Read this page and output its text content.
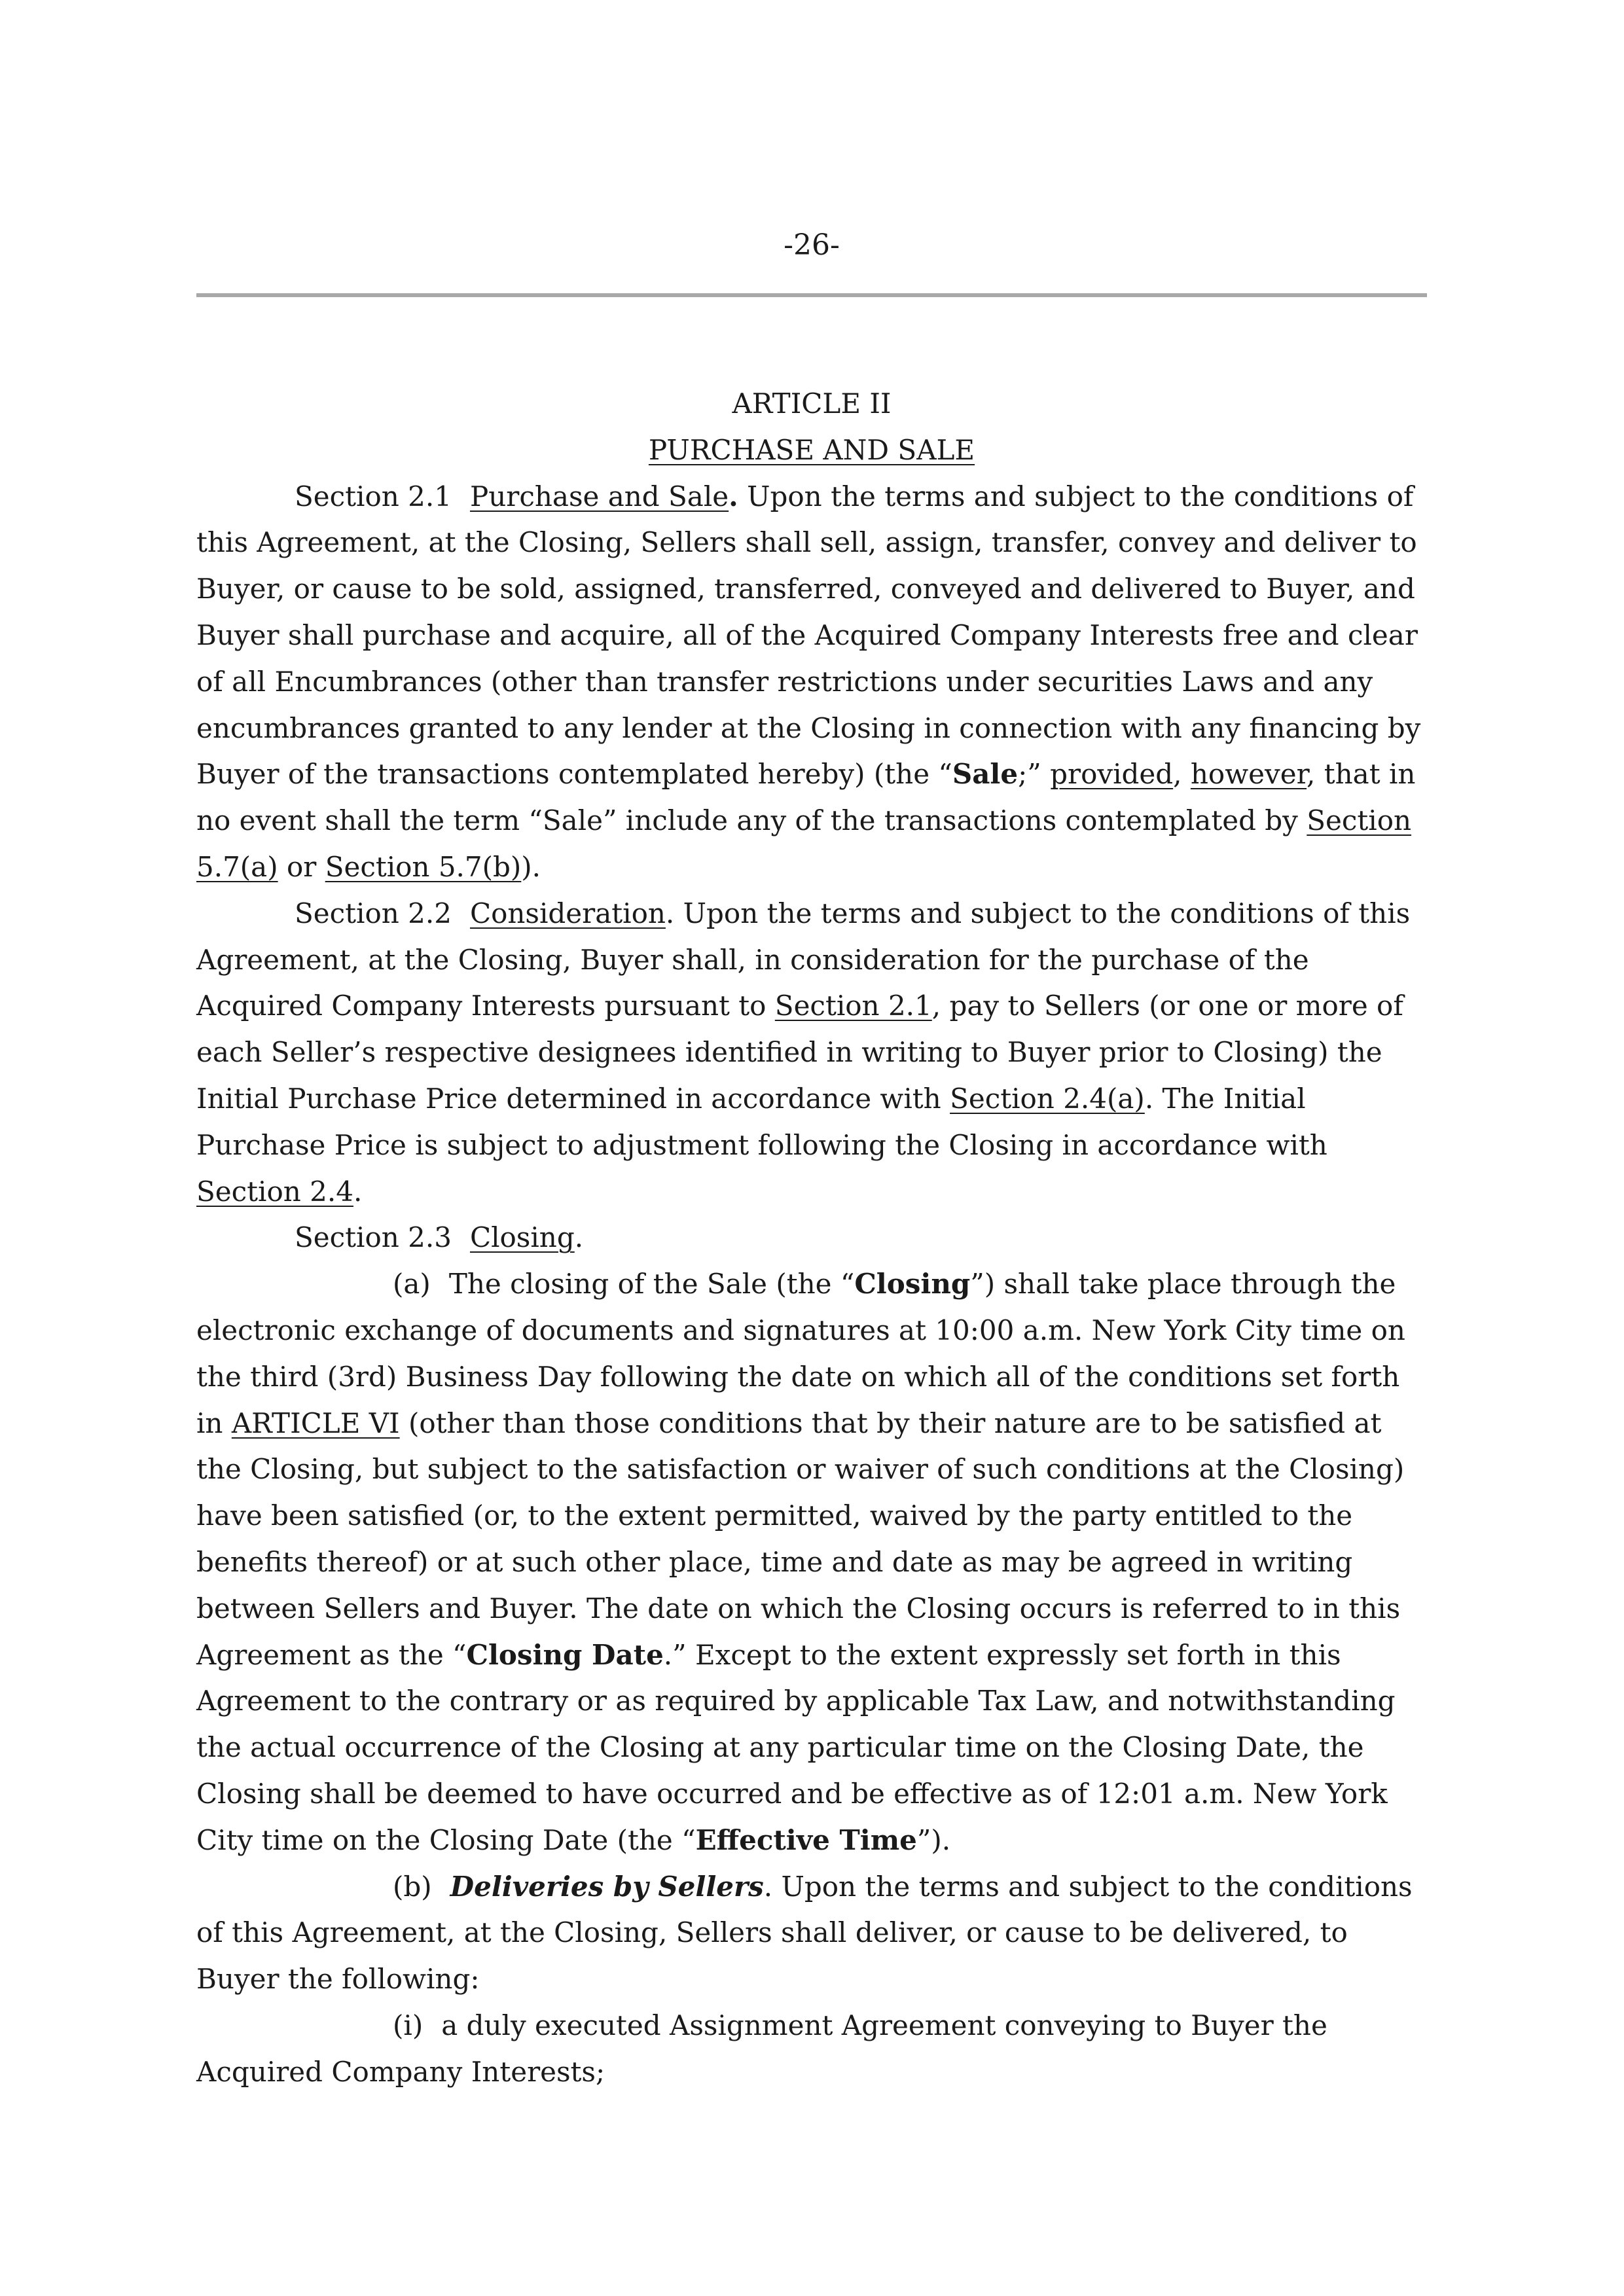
-26-

ARTICLE II

PURCHASE AND SALE

Section 2.1 Purchase and Sale. Upon the terms and subject to the conditions of this Agreement, at the Closing, Sellers shall sell, assign, transfer, convey and deliver to Buyer, or cause to be sold, assigned, transferred, conveyed and delivered to Buyer, and Buyer shall purchase and acquire, all of the Acquired Company Interests free and clear of all Encumbrances (other than transfer restrictions under securities Laws and any encumbrances granted to any lender at the Closing in connection with any financing by Buyer of the transactions contemplated hereby) (the “Sale;” provided, however, that in no event shall the term “Sale” include any of the transactions contemplated by Section 5.7(a) or Section 5.7(b)).

Section 2.2 Consideration. Upon the terms and subject to the conditions of this Agreement, at the Closing, Buyer shall, in consideration for the purchase of the Acquired Company Interests pursuant to Section 2.1, pay to Sellers (or one or more of each Seller’s respective designees identified in writing to Buyer prior to Closing) the Initial Purchase Price determined in accordance with Section 2.4(a). The Initial Purchase Price is subject to adjustment following the Closing in accordance with Section 2.4.

Section 2.3 Closing.

(a) The closing of the Sale (the “Closing”) shall take place through the electronic exchange of documents and signatures at 10:00 a.m. New York City time on the third (3rd) Business Day following the date on which all of the conditions set forth in ARTICLE VI (other than those conditions that by their nature are to be satisfied at the Closing, but subject to the satisfaction or waiver of such conditions at the Closing) have been satisfied (or, to the extent permitted, waived by the party entitled to the benefits thereof) or at such other place, time and date as may be agreed in writing between Sellers and Buyer. The date on which the Closing occurs is referred to in this Agreement as the “Closing Date.” Except to the extent expressly set forth in this Agreement to the contrary or as required by applicable Tax Law, and notwithstanding the actual occurrence of the Closing at any particular time on the Closing Date, the Closing shall be deemed to have occurred and be effective as of 12:01 a.m. New York City time on the Closing Date (the “Effective Time”).

(b) Deliveries by Sellers. Upon the terms and subject to the conditions of this Agreement, at the Closing, Sellers shall deliver, or cause to be delivered, to Buyer the following:

(i) a duly executed Assignment Agreement conveying to Buyer the Acquired Company Interests;
